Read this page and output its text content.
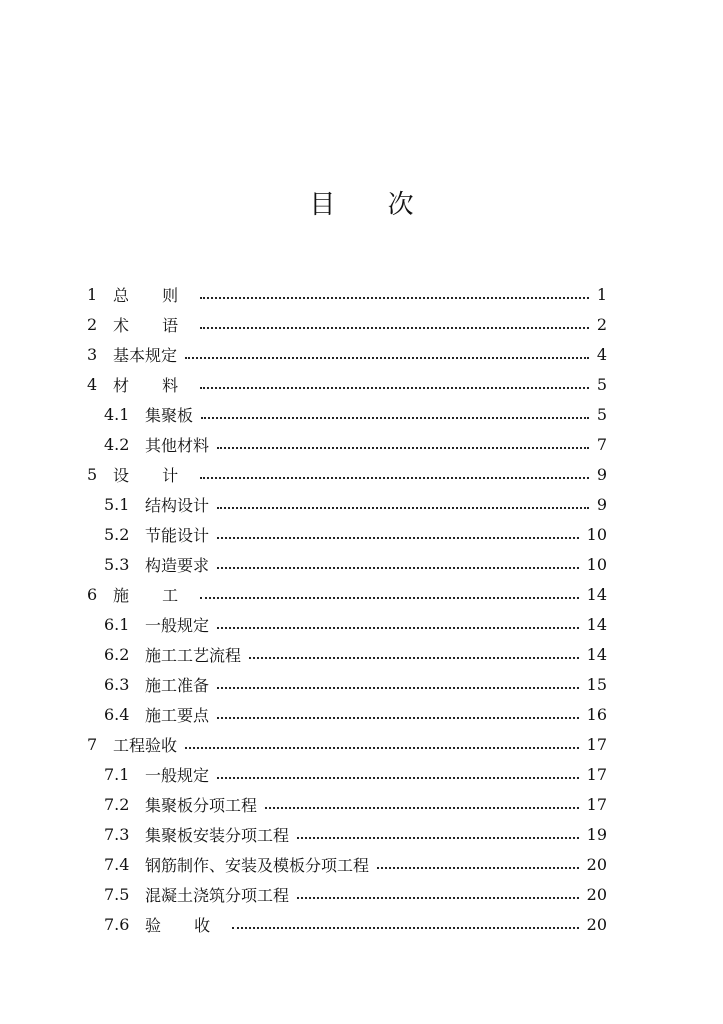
目 次
1 总 则	1
2 术 语	2
3 基本规定	4
4 材 料	5
4.1 集聚板	5
4.2 其他材料	7
5 设 计	9
5.1 结构设计	9
5.2 节能设计	10
5.3 构造要求	10
6 施 工	14
6.1 一般规定	14
6.2 施工工艺流程	14
6.3 施工准备	15
6.4 施工要点	16
7 工程验收	17
7.1 一般规定	17
7.2 集聚板分项工程	17
7.3 集聚板安装分项工程	19
7.4 钢筋制作、安装及模板分项工程	20
7.5 混凝土浇筑分项工程	20
7.6 验 收	20
